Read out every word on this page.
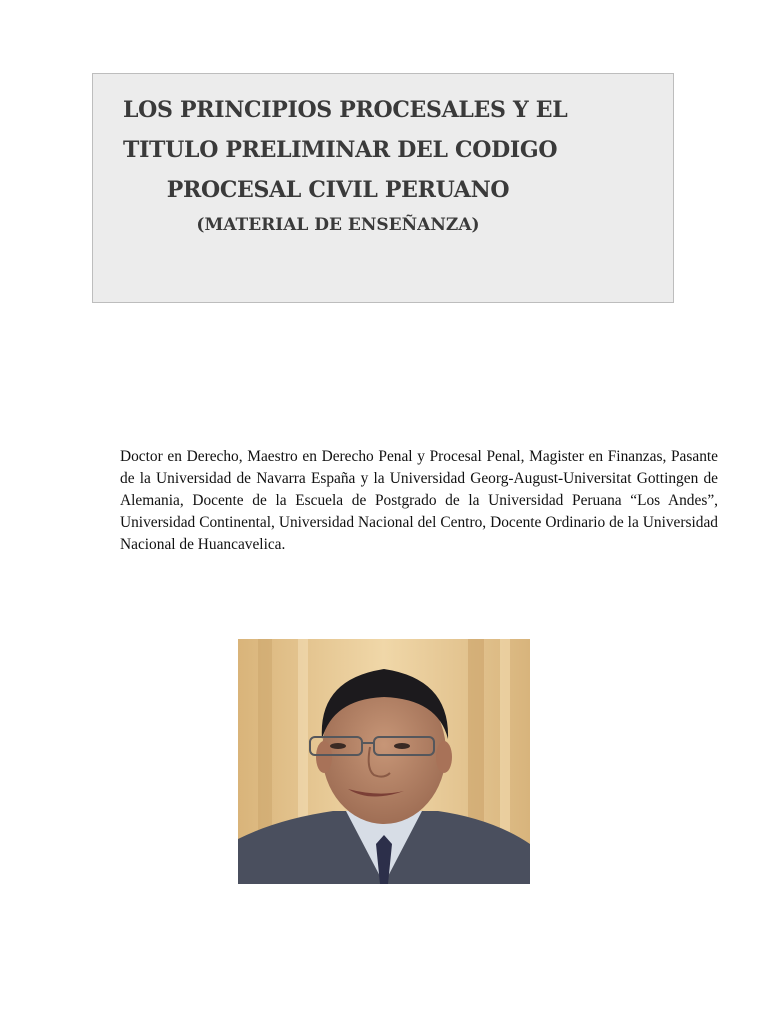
LOS PRINCIPIOS PROCESALES Y EL
TITULO PRELIMINAR DEL CODIGO
PROCESAL CIVIL PERUANO
(MATERIAL DE ENSEÑANZA)

Doctor en Derecho, Maestro en Derecho Penal y Procesal Penal, Magister en Finanzas, Pasante de la Universidad de Navarra España y la Universidad Georg-August-Universitat Gottingen de Alemania, Docente de la Escuela de Postgrado de la Universidad Peruana “Los Andes”, Universidad Continental, Universidad Nacional del Centro, Docente Ordinario de la Universidad Nacional de Huancavelica.
